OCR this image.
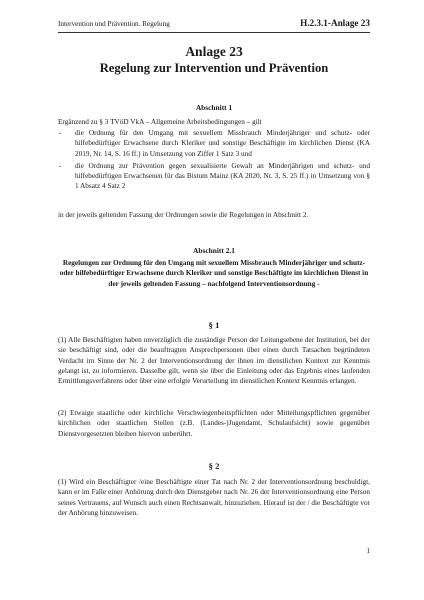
Intervention und Prävention. Regelung	H.2.3.1-Anlage 23
Anlage 23
Regelung zur Intervention und Prävention
Abschnitt 1
Ergänzend zu § 3 TVöD VkA – Allgemeine Arbeitsbedingungen – gilt
- die Ordnung für den Umgang mit sexuellem Missbrauch Minderjähriger und schutz- oder hilfebedürftiger Erwachsene durch Kleriker und sonstige Beschäftigte im kirchlichen Dienst (KA 2019, Nr. 14, S. 16 ff.) in Umsetzung von Ziffer 1 Satz 3 und
- die Ordnung zur Prävention gegen sexualisierte Gewalt an Minderjährigen und schutz- und hilfebedürftigen Erwachsenen für das Bistum Mainz (KA 2020, Nr. 3, S. 25 ff.) in Umsetzung von § 1 Absatz 4 Satz 2
in der jeweils geltenden Fassung der Ordnungen sowie die Regelungen in Abschnitt 2.
Abschnitt 2.1
Regelungen zur Ordnung für den Umgang mit sexuellem Missbrauch Minderjähriger und schutz- oder hilfebedürftiger Erwachsene durch Kleriker und sonstige Beschäftigte im kirchlichen Dienst in der jeweils geltenden Fassung – nachfolgend Interventionsordnung -
§ 1
(1) Alle Beschäftigten haben unverzüglich die zuständige Person der Leitungsebene der Institution, bei der sie beschäftigt sind, oder die beauftragten Ansprechpersonen über einen durch Tatsachen begründeten Verdacht im Sinne der Nr. 2 der Interventionsordnung der ihnen im dienstlichen Kontext zur Kenntnis gelangt ist, zu informieren. Dasselbe gilt, wenn sie über die Einleitung oder das Ergebnis eines laufenden Ermittlungsverfahrens oder über eine erfolgte Verurteilung im dienstlichen Kontext Kenntnis erlangen.
(2) Etwaige staatliche oder kirchliche Verschwiegenheitspflichten oder Mitteilungspflichten gegenüber kirchlichen oder staatlichen Stellen (z.B. (Landes-)Jugendamt, Schulaufsicht) sowie gegenüber Dienstvorgesetzten bleiben hiervon unberührt.
§ 2
(1) Wird ein Beschäftigter /eine Beschäftigte einer Tat nach Nr. 2 der Interventionsordnung beschuldigt, kann er im Falle einer Anhörung durch den Dienstgeber nach Nr. 26 der Interventionsordnung eine Person seines Vertrauens, auf Wunsch auch einen Rechtsanwalt, hinzuziehen. Hierauf ist der / die Beschäftigte vor der Anhörung hinzuweisen.
1
